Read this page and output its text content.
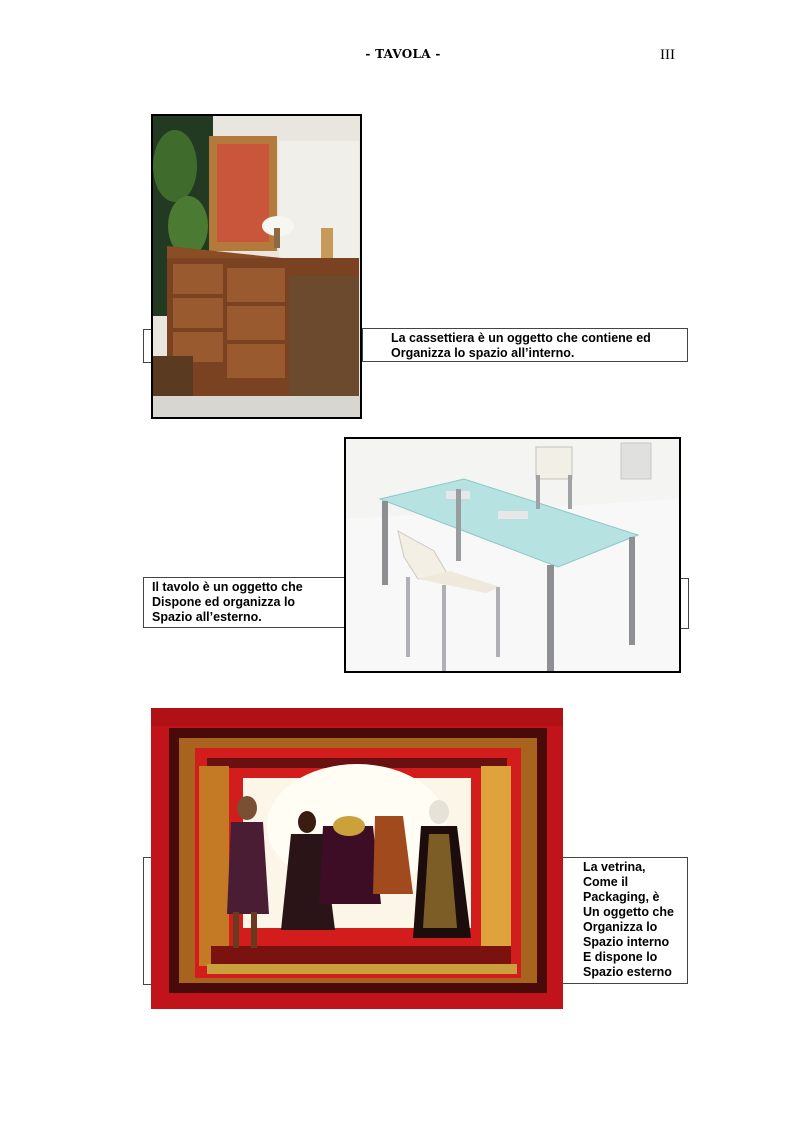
- TAVOLA -	III
La cassettiera è un oggetto che contiene ed
Organizza lo spazio all’interno.
Il tavolo è un oggetto che
Dispone ed organizza lo
Spazio all’esterno.
La vetrina,
Come il
Packaging, è
Un oggetto che
Organizza lo
Spazio interno
E dispone lo
Spazio esterno
